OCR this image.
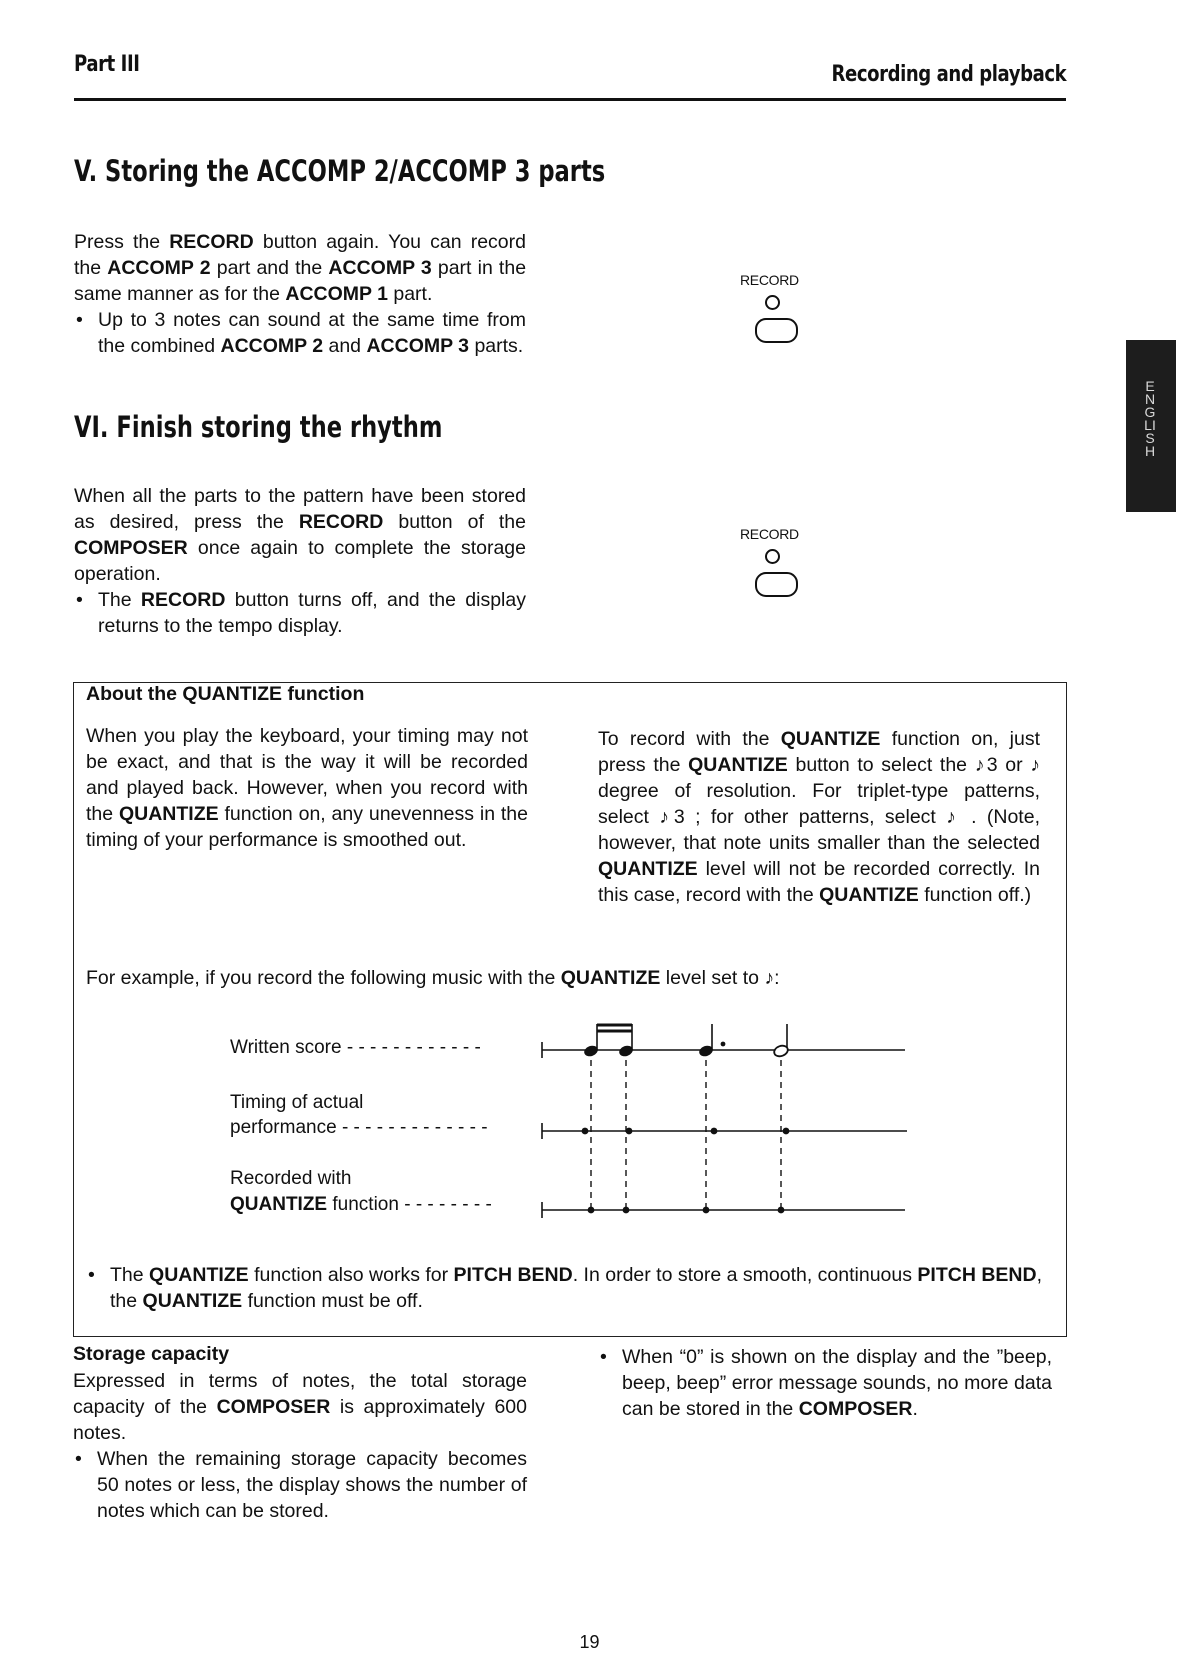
Part III	Recording and playback
V. Storing the ACCOMP 2/ACCOMP 3 parts

Press the RECORD button again. You can record the ACCOMP 2 part and the ACCOMP 3 part in the same manner as for the ACCOMP 1 part.

• Up to 3 notes can sound at the same time from the combined ACCOMP 2 and ACCOMP 3 parts.

RECORD
ENGLISH
VI. Finish storing the rhythm

When all the parts to the pattern have been stored as desired, press the RECORD button of the COMPOSER once again to complete the storage operation.

• The RECORD button turns off, and the display returns to the tempo display.

RECORD
About the QUANTIZE function

When you play the keyboard, your timing may not be exact, and that is the way it will be recorded and played back. However, when you record with the QUANTIZE function on, any unevenness in the timing of your performance is smoothed out.

To record with the QUANTIZE function on, just press the QUANTIZE button to select the ♪3 or ♪ degree of resolution. For triplet-type patterns, select ♪3 ; for other patterns, select ♪ . (Note, however, that note units smaller than the selected QUANTIZE level will not be recorded correctly. In this case, record with the QUANTIZE function off.)

For example, if you record the following music with the QUANTIZE level set to ♪:
Written score - - - - - - - - - - - -
Timing of actual
performance - - - - - - - - - - - - -
Recorded with
QUANTIZE function - - - - - - - -

• The QUANTIZE function also works for PITCH BEND. In order to store a smooth, continuous PITCH BEND, the QUANTIZE function must be off.

Storage capacity

Expressed in terms of notes, the total storage capacity of the COMPOSER is approximately 600 notes.

• When the remaining storage capacity becomes 50 notes or less, the display shows the number of notes which can be stored.

• When “0” is shown on the display and the ”beep, beep, beep” error message sounds, no more data can be stored in the COMPOSER.

19
